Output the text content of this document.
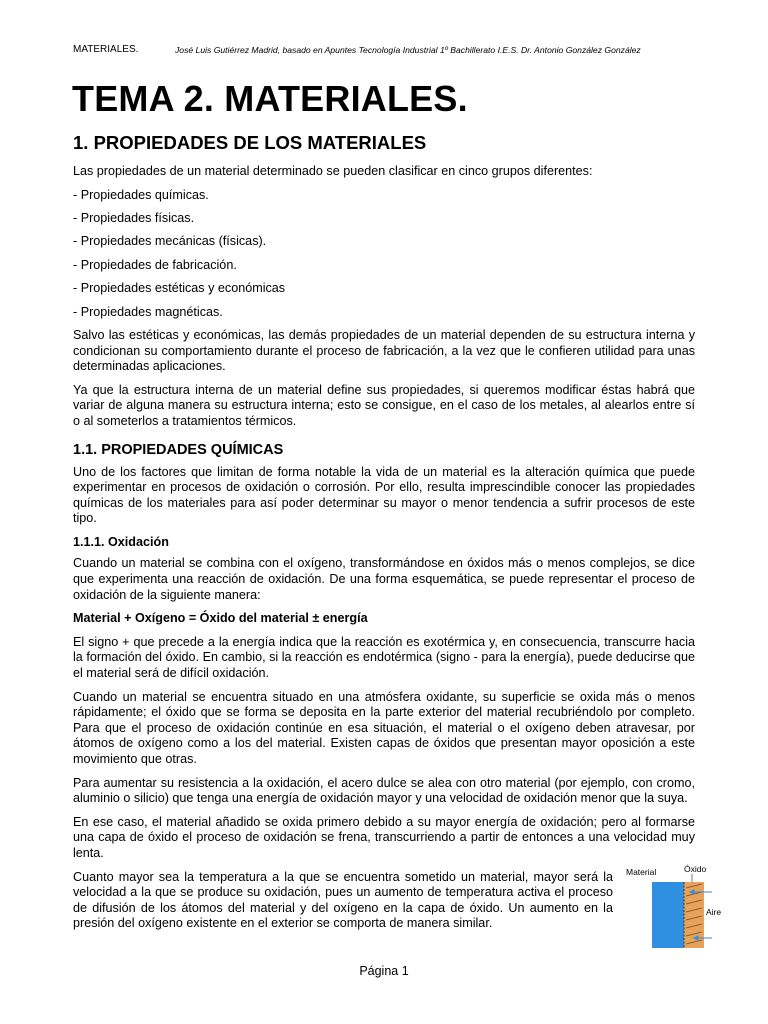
MATERIALES.	José Luis Gutiérrez Madrid, basado en Apuntes Tecnología Industrial 1º Bachillerato I.E.S. Dr. Antonio González González
TEMA 2. MATERIALES.
1. PROPIEDADES DE LOS MATERIALES

Las propiedades de un material determinado se pueden clasificar en cinco grupos diferentes:

- Propiedades químicas.

- Propiedades físicas.

- Propiedades mecánicas (físicas).

- Propiedades de fabricación.

- Propiedades estéticas y económicas

- Propiedades magnéticas.

Salvo las estéticas y económicas, las demás propiedades de un material dependen de su estructura interna y condicionan su comportamiento durante el proceso de fabricación, a la vez que le confieren utilidad para unas determinadas aplicaciones.

Ya que la estructura interna de un material define sus propiedades, si queremos modificar éstas habrá que variar de alguna manera su estructura interna; esto se consigue, en el caso de los metales, al alearlos entre sí o al someterlos a tratamientos térmicos.

1.1. PROPIEDADES QUÍMICAS

Uno de los factores que limitan de forma notable la vida de un material es la alteración química que puede experimentar en procesos de oxidación o corrosión. Por ello, resulta imprescindible conocer las propiedades químicas de los materiales para así poder determinar su mayor o menor tendencia a sufrir procesos de este tipo.

1.1.1. Oxidación

Cuando un material se combina con el oxígeno, transformándose en óxidos más o menos complejos, se dice que experimenta una reacción de oxidación. De una forma esquemática, se puede representar el proceso de oxidación de la siguiente manera:

Material + Oxígeno = Óxido del material ± energía

El signo + que precede a la energía indica que la reacción es exotérmica y, en consecuencia, transcurre hacia la formación del óxido. En cambio, si la reacción es endotérmica (signo - para la energía), puede deducirse que el material será de difícil oxidación.

Cuando un material se encuentra situado en una atmósfera oxidante, su superficie se oxida más o menos rápidamente; el óxido que se forma se deposita en la parte exterior del material recubriéndolo por completo. Para que el proceso de oxidación continúe en esa situación, el material o el oxígeno deben atravesar, por átomos de oxígeno como a los del material. Existen capas de óxidos que presentan mayor oposición a este movimiento que otras.

Para aumentar su resistencia a la oxidación, el acero dulce se alea con otro material (por ejemplo, con cromo, aluminio o silicio) que tenga una energía de oxidación mayor y una velocidad de oxidación menor que la suya.

En ese caso, el material añadido se oxida primero debido a su mayor energía de oxidación; pero al formarse una capa de óxido el proceso de oxidación se frena, transcurriendo a partir de entonces a una velocidad muy lenta.

Cuanto mayor sea la temperatura a la que se encuentra sometido un material, mayor será la velocidad a la que se produce su oxidación, pues un aumento de temperatura activa el proceso de difusión de los átomos del material y del oxígeno en la capa de óxido. Un aumento en la presión del oxígeno existente en el exterior se comporta de manera similar.

Material	Óxido
Aire
Página 1
